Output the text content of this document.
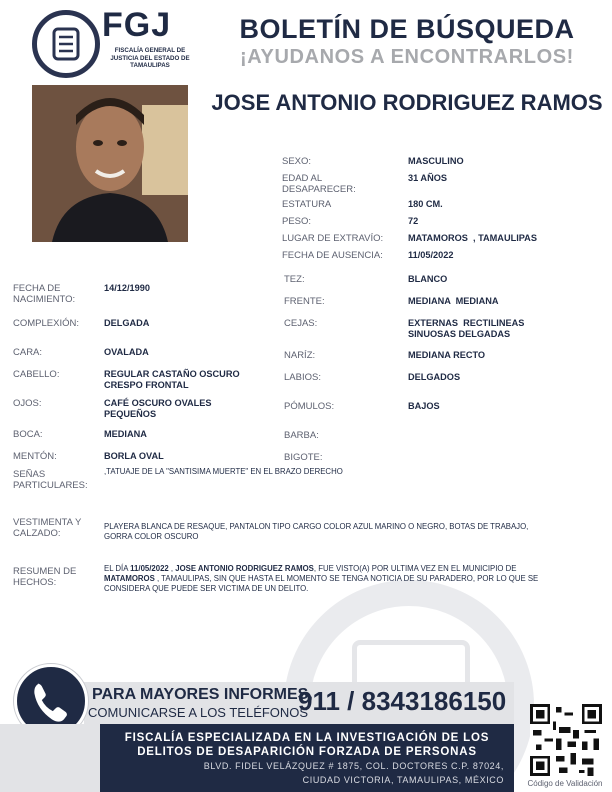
FGJ
FISCALÍA GENERAL DE JUSTICIA DEL ESTADO DE TAMAULIPAS
BOLETÍN DE BÚSQUEDA
¡AYUDANOS A ENCONTRARLOS!
JOSE ANTONIO RODRIGUEZ RAMOS
SEXO:	MASCULINO
EDAD AL DESAPARECER:
31 AÑOS
ESTATURA	180 CM.
PESO:	72
LUGAR DE EXTRAVÍO:	MATAMOROS  , TAMAULIPAS
FECHA DE AUSENCIA:	11/05/2022
FECHA DE NACIMIENTO:
14/12/1990
COMPLEXIÓN:	DELGADA
CARA:	OVALADA
CABELLO:	REGULAR CASTAÑO OSCURO CRESPO FRONTAL
OJOS:	CAFÉ OSCURO OVALES PEQUEÑOS
BOCA:	MEDIANA
MENTÓN:	BORLA OVAL
TEZ:	BLANCO
FRENTE:	MEDIANA  MEDIANA
CEJAS:	EXTERNAS  RECTILINEAS SINUOSAS DELGADAS
NARÍZ:	MEDIANA RECTO
LABIOS:	DELGADOS
PÓMULOS:	BAJOS
BARBA:
BIGOTE:
SEÑAS PARTICULARES:
,TATUAJE DE LA "SANTISIMA MUERTE" EN EL BRAZO DERECHO
VESTIMENTA Y CALZADO:
PLAYERA BLANCA DE RESAQUE, PANTALON TIPO CARGO COLOR AZUL MARINO O NEGRO, BOTAS DE TRABAJO, GORRA COLOR OSCURO
RESUMEN DE HECHOS:
EL DÍA 11/05/2022 , JOSE ANTONIO RODRIGUEZ RAMOS, FUE VISTO(A) POR ULTIMA VEZ EN EL MUNICIPIO DE MATAMOROS , TAMAULIPAS, SIN QUE HASTA EL MOMENTO SE TENGA NOTICIA DE SU PARADERO, POR LO QUE SE CONSIDERA QUE PUEDE SER VICTIMA DE UN DELITO.
PARA MAYORES INFORMES,
COMUNICARSE A LOS TELÉFONOS
911 / 8343186150
FISCALÍA ESPECIALIZADA EN LA INVESTIGACIÓN DE LOS
DELITOS DE DESAPARICIÓN FORZADA DE PERSONAS
BLVD. FIDEL VELÁZQUEZ # 1875, COL. DOCTORES C.P. 87024,
CIUDAD VICTORIA, TAMAULIPAS, MÉXICO	Código de Validación
